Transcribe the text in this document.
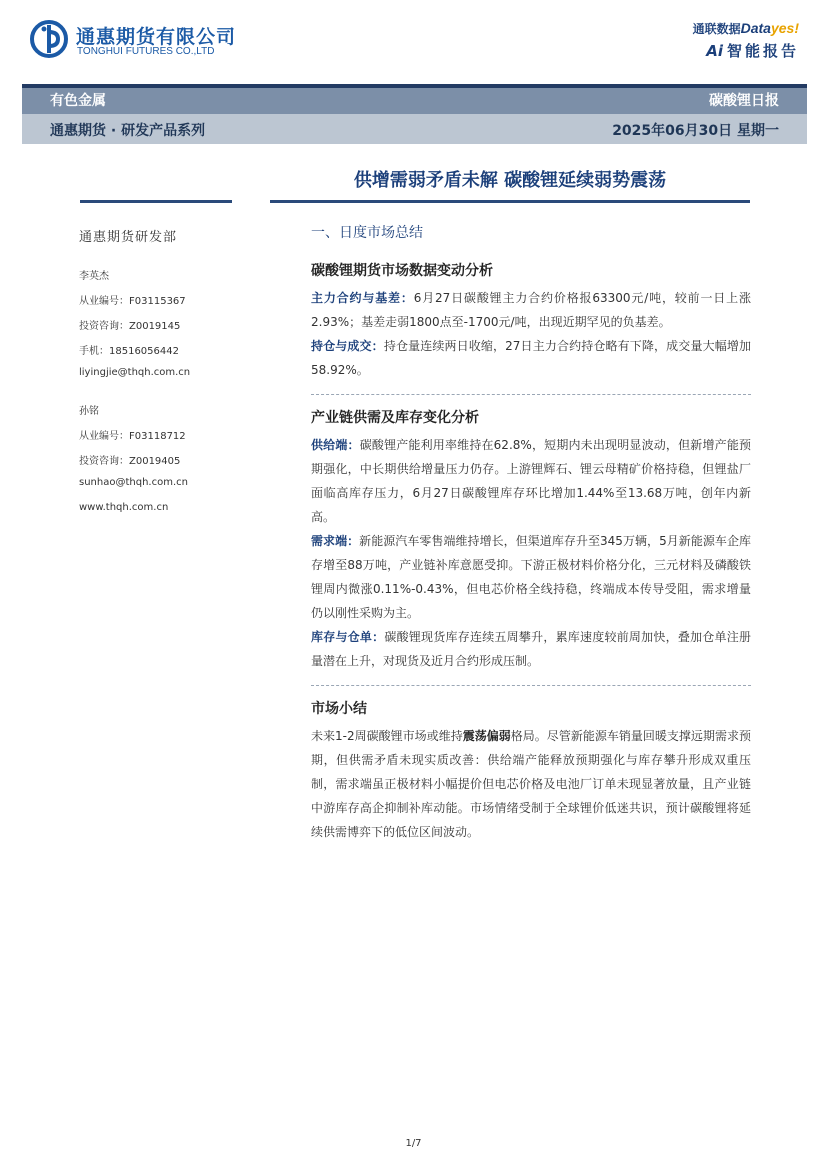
通惠期货有限公司
TONGHUI FUTURES CO.,LTD
通联数据Datayes!
Ai 智能报告
有色金属	碳酸锂日报
通惠期货 · 研发产品系列	2025年06月30日 星期一
供增需弱矛盾未解 碳酸锂延续弱势震荡
通惠期货研发部
李英杰
从业编号：F03115367
投资咨询：Z0019145
手机：18516056442
liyingjie@thqh.com.cn
孙铭
从业编号：F03118712
投资咨询：Z0019405
sunhao@thqh.com.cn
www.thqh.com.cn
一、日度市场总结
碳酸锂期货市场数据变动分析

主力合约与基差：6月27日碳酸锂主力合约价格报63300元/吨，较前一日上涨2.93%；基差走弱1800点至-1700元/吨，出现近期罕见的负基差。

持仓与成交：持仓量连续两日收缩，27日主力合约持仓略有下降，成交量大幅增加58.92%。

产业链供需及库存变化分析

供给端：碳酸锂产能利用率维持在62.8%，短期内未出现明显波动，但新增产能预期强化，中长期供给增量压力仍存。上游锂辉石、锂云母精矿价格持稳，但锂盐厂面临高库存压力，6月27日碳酸锂库存环比增加1.44%至13.68万吨，创年内新高。

需求端：新能源汽车零售端维持增长，但渠道库存升至345万辆，5月新能源车企库存增至88万吨，产业链补库意愿受抑。下游正极材料价格分化，三元材料及磷酸铁锂周内微涨0.11%-0.43%，但电芯价格全线持稳，终端成本传导受阻，需求增量仍以刚性采购为主。

库存与仓单：碳酸锂现货库存连续五周攀升，累库速度较前周加快，叠加仓单注册量潜在上升，对现货及近月合约形成压制。

市场小结

未来1-2周碳酸锂市场或维持震荡偏弱格局。尽管新能源车销量回暖支撑远期需求预期，但供需矛盾未现实质改善：供给端产能释放预期强化与库存攀升形成双重压制，需求端虽正极材料小幅提价但电芯价格及电池厂订单未现显著放量，且产业链中游库存高企抑制补库动能。市场情绪受制于全球锂价低迷共识，预计碳酸锂将延续供需博弈下的低位区间波动。

1/7
